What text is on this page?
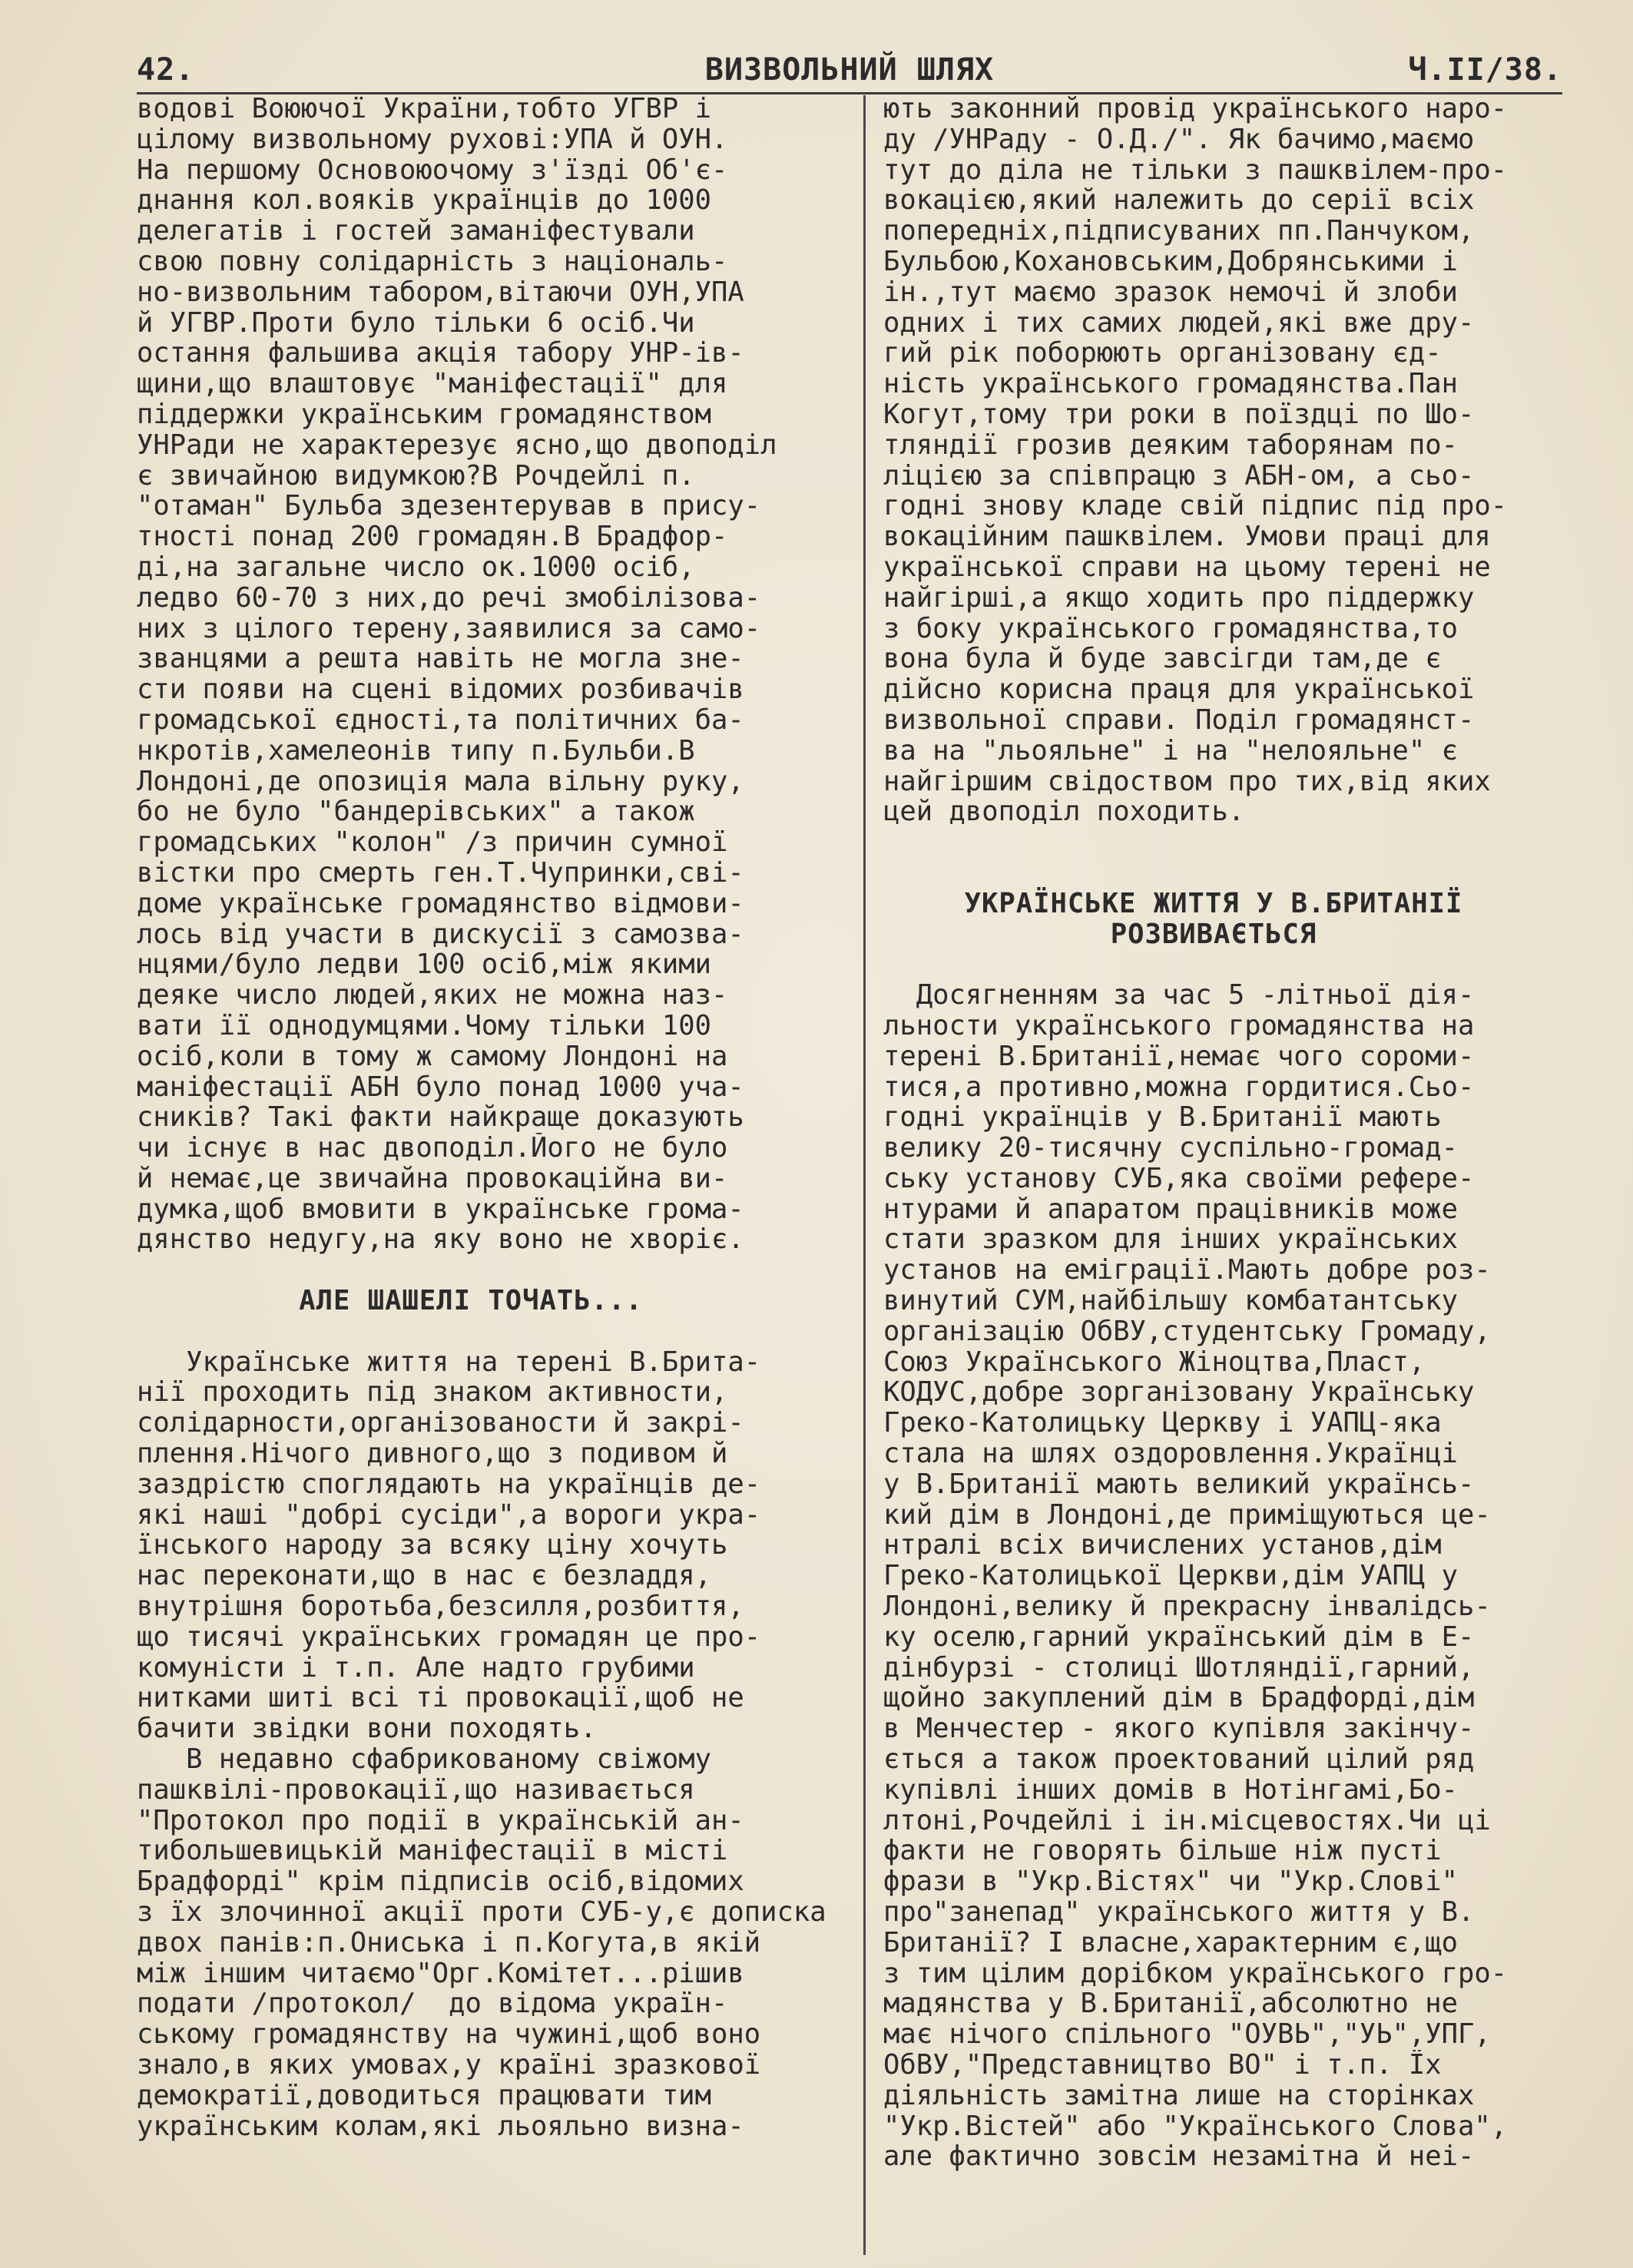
42.	ВИЗВОЛЬНИЙ ШЛЯХ	Ч.II/38.
водові Воюючої України,тобто УГВР і
цілому визвольному рухові:УПА й ОУН.
На першому Основоюочому з'їзді Об'є-
днання кол.вояків українців до 1000
делегатів і гостей заманіфестували
свою повну солідарність з національ-
но-визвольним табором,вітаючи ОУН,УПА
й УГВР.Проти було тільки 6 осіб.Чи
остання фальшива акція табору УНР-ів-
щини,що влаштовує "маніфестації" для
піддержки українським громадянством
УНРади не характерезує ясно,що двоподіл
є звичайною видумкою?В Рочдейлі п.
"отаман" Бульба здезентерував в прису-
тності понад 200 громадян.В Брадфор-
ді,на загальне число ок.1000 осіб,
ледво 60-70 з них,до речі змобілізова-
них з цілого терену,заявилися за само-
званцями а решта навіть не могла зне-
сти появи на сцені відомих розбивачів
громадської єдності,та політичних ба-
нкротів,хамелеонів типу п.Бульби.В
Лондоні,де опозиція мала вільну руку,
бо не було "бандерівських" а також
громадських "колон" /з причин сумної
вістки про смерть ген.Т.Чупринки,сві-
доме українське громадянство відмови-
лось від участи в дискусії з самозва-
нцями/було ледви 100 осіб,між якими
деяке число людей,яких не можна наз-
вати її однодумцями.Чому тільки 100
осіб,коли в тому ж самому Лондоні на
маніфестації АБН було понад 1000 уча-
сників? Такі факти найкраще доказують
чи існує в нас двоподіл.Його не було
й немає,це звичайна провокаційна ви-
думка,щоб вмовити в українське грома-
дянство недугу,на яку воно не хворіє.
АЛЕ ШАШЕЛІ ТОЧАТЬ...
Українське життя на терені В.Брита-
нії проходить під знаком активности,
солідарности,організованости й закрі-
плення.Нічого дивного,що з подивом й
заздрістю споглядають на українців де-
які наші "добрі сусіди",а вороги укра-
їнського народу за всяку ціну хочуть
нас переконати,що в нас є безладдя,
внутрішня боротьба,безсилля,розбиття,
що тисячі українських громадян це про-
комуністи і т.п. Але надто грубими
нитками шиті всі ті провокації,щоб не
бачити звідки вони походять.
В недавно сфабрикованому свіжому
пашквілі-провокації,що називається
"Протокол про події в українській ан-
тибольшевицькій маніфестації в місті
Брадфорді" крім підписів осіб,відомих
з їх злочинної акції проти СУБ-у,є дописка
двох панів:п.Ониська і п.Когута,в якій
між іншим читаємо"Орг.Комітет...рішив
подати /протокол/  до відома україн-
ському громадянству на чужині,щоб воно
знало,в яких умовах,у країні зразкової
демократії,доводиться працювати тим
українським колам,які льояльно визна-
ють законний провід українського наро-
ду /УНРаду - О.Д./". Як бачимо,маємо
тут до діла не тільки з пашквілем-про-
вокацією,який належить до серії всіх
попередніх,підписуваних пп.Панчуком,
Бульбою,Кохановським,Добрянськими і
ін.,тут маємо зразок немочі й злоби
одних і тих самих людей,які вже дру-
гий рік поборюють організовану єд-
ність українського громадянства.Пан
Когут,тому три роки в поїздці по Шо-
тляндії грозив деяким таборянам по-
ліцією за співпрацю з АБН-ом, а сьо-
годні знову кладе свій підпис під про-
вокаційним пашквілем. Умови праці для
української справи на цьому терені не
найгірші,а якщо ходить про піддержку
з боку українського громадянства,то
вона була й буде завсігди там,де є
дійсно корисна праця для української
визвольної справи. Поділ громадянст-
ва на "льояльне" і на "нелояльне" є
найгіршим свідоством про тих,від яких
цей двоподіл походить.
УКРАЇНСЬКЕ ЖИТТЯ У В.БРИТАНІЇ
РОЗВИВАЄТЬСЯ
Досягненням за час 5 -літньої дія-
льности українського громадянства на
терені В.Британії,немає чого сороми-
тися,а противно,можна гордитися.Сьо-
годні українців у В.Британії мають
велику 20-тисячну суспільно-громад-
ську установу СУБ,яка своїми рефере-
нтурами й апаратом працівників може
стати зразком для інших українських
установ на еміграції.Мають добре роз-
винутий СУМ,найбільшу комбатантську
організацію ОбВУ,студентську Громаду,
Союз Українського Жіноцтва,Пласт,
КОДУС,добре зорганізовану Українську
Греко-Католицьку Церкву і УАПЦ-яка
стала на шлях оздоровлення.Українці
у В.Британії мають великий українсь-
кий дім в Лондоні,де приміщуються це-
нтралі всіх вичислених установ,дім
Греко-Католицької Церкви,дім УАПЦ у
Лондоні,велику й прекрасну інвалідсь-
ку оселю,гарний український дім в Е-
дінбурзі - столиці Шотляндії,гарний,
щойно закуплений дім в Брадфорді,дім
в Менчестер - якого купівля закінчу-
ється а також проектований цілий ряд
купівлі інших домів в Нотінгамі,Бо-
лтоні,Рочдейлі і ін.місцевостях.Чи ці
факти не говорять більше ніж пусті
фрази в "Укр.Вістях" чи "Укр.Слові"
про"занепад" українського життя у В.
Британії? І власне,характерним є,що
з тим цілим дорібком українського гро-
мадянства у В.Британії,абсолютно не
має нічого спільного "ОУВЬ","УЬ",УПГ,
ОбВУ,"Представництво ВО" і т.п. Їх
діяльність замітна лише на сторінках
"Укр.Вістей" або "Українського Слова",
але фактично зовсім незамітна й неі-
